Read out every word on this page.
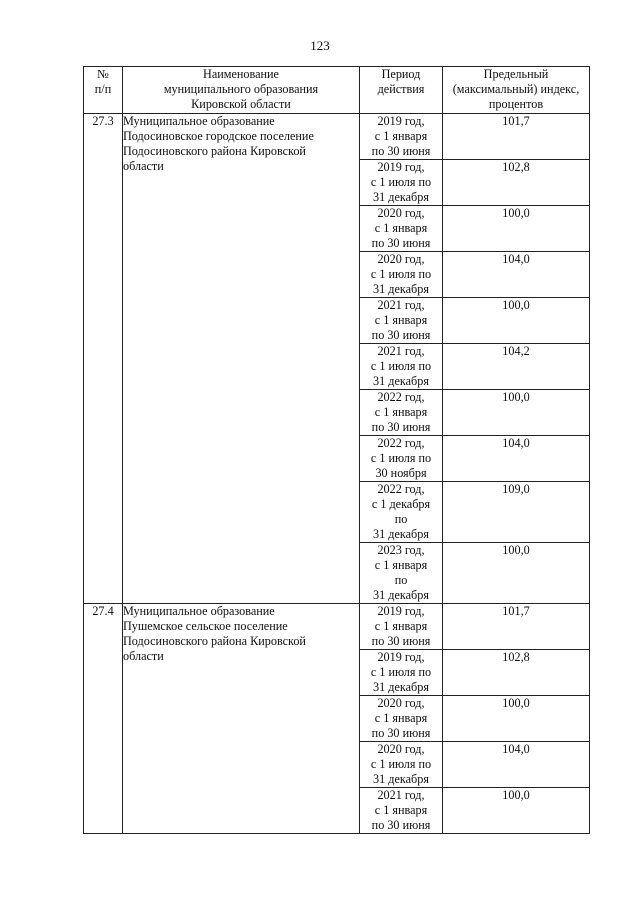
123
№
п/п	Наименование
муниципального образования
Кировской области	Период
действия	Предельный
(максимальный) индекс,
процентов

27.3	Муниципальное образование
Подосиновское городское поселение
Подосиновского района Кировской
области	2019 год,
с 1 января
по 30 июня	101,7

		2019 год,
с 1 июля по
31 декабря	102,8

		2020 год,
с 1 января
по 30 июня	100,0

		2020 год,
с 1 июля по
31 декабря	104,0

		2021 год,
с 1 января
по 30 июня	100,0

		2021 год,
с 1 июля по
31 декабря	104,2

		2022 год,
с 1 января
по 30 июня	100,0

		2022 год,
с 1 июля по
30 ноября	104,0

		2022 год,
с 1 декабря
по
31 декабря	109,0

		2023 год,
с 1 января
по
31 декабря	100,0
27.4	Муниципальное образование
Пушемское сельское поселение
Подосиновского района Кировской
области	2019 год,
с 1 января
по 30 июня	101,7

		2019 год,
с 1 июля по
31 декабря	102,8

		2020 год,
с 1 января
по 30 июня	100,0

		2020 год,
с 1 июля по
31 декабря	104,0

		2021 год,
с 1 января
по 30 июня	100,0
